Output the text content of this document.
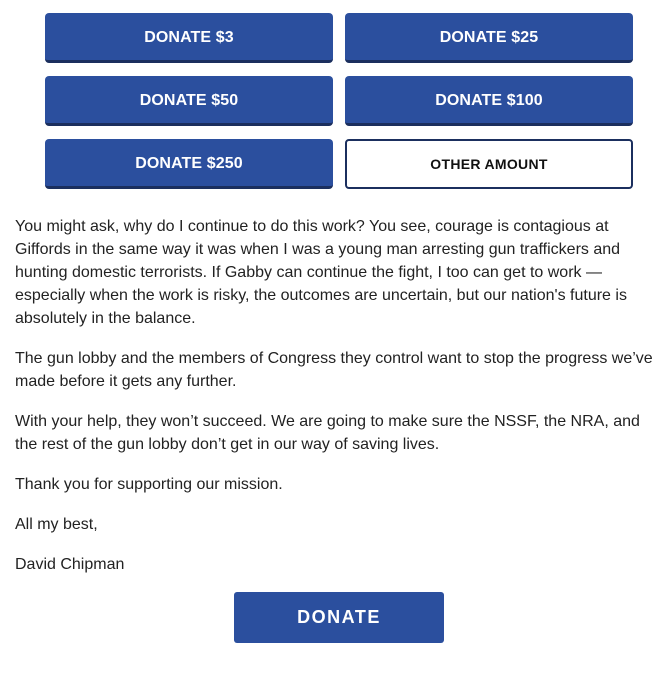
DONATE $3	DONATE $25
DONATE $50	DONATE $100
DONATE $250	OTHER AMOUNT

You might ask, why do I continue to do this work? You see, courage is contagious at Giffords in the same way it was when I was a young man arresting gun traffickers and hunting domestic terrorists. If Gabby can continue the fight, I too can get to work — especially when the work is risky, the outcomes are uncertain, but our nation's future is absolutely in the balance.

The gun lobby and the members of Congress they control want to stop the progress we’ve made before it gets any further.

With your help, they won’t succeed. We are going to make sure the NSSF, the NRA, and the rest of the gun lobby don’t get in our way of saving lives.

Thank you for supporting our mission.

All my best,

David Chipman

DONATE
